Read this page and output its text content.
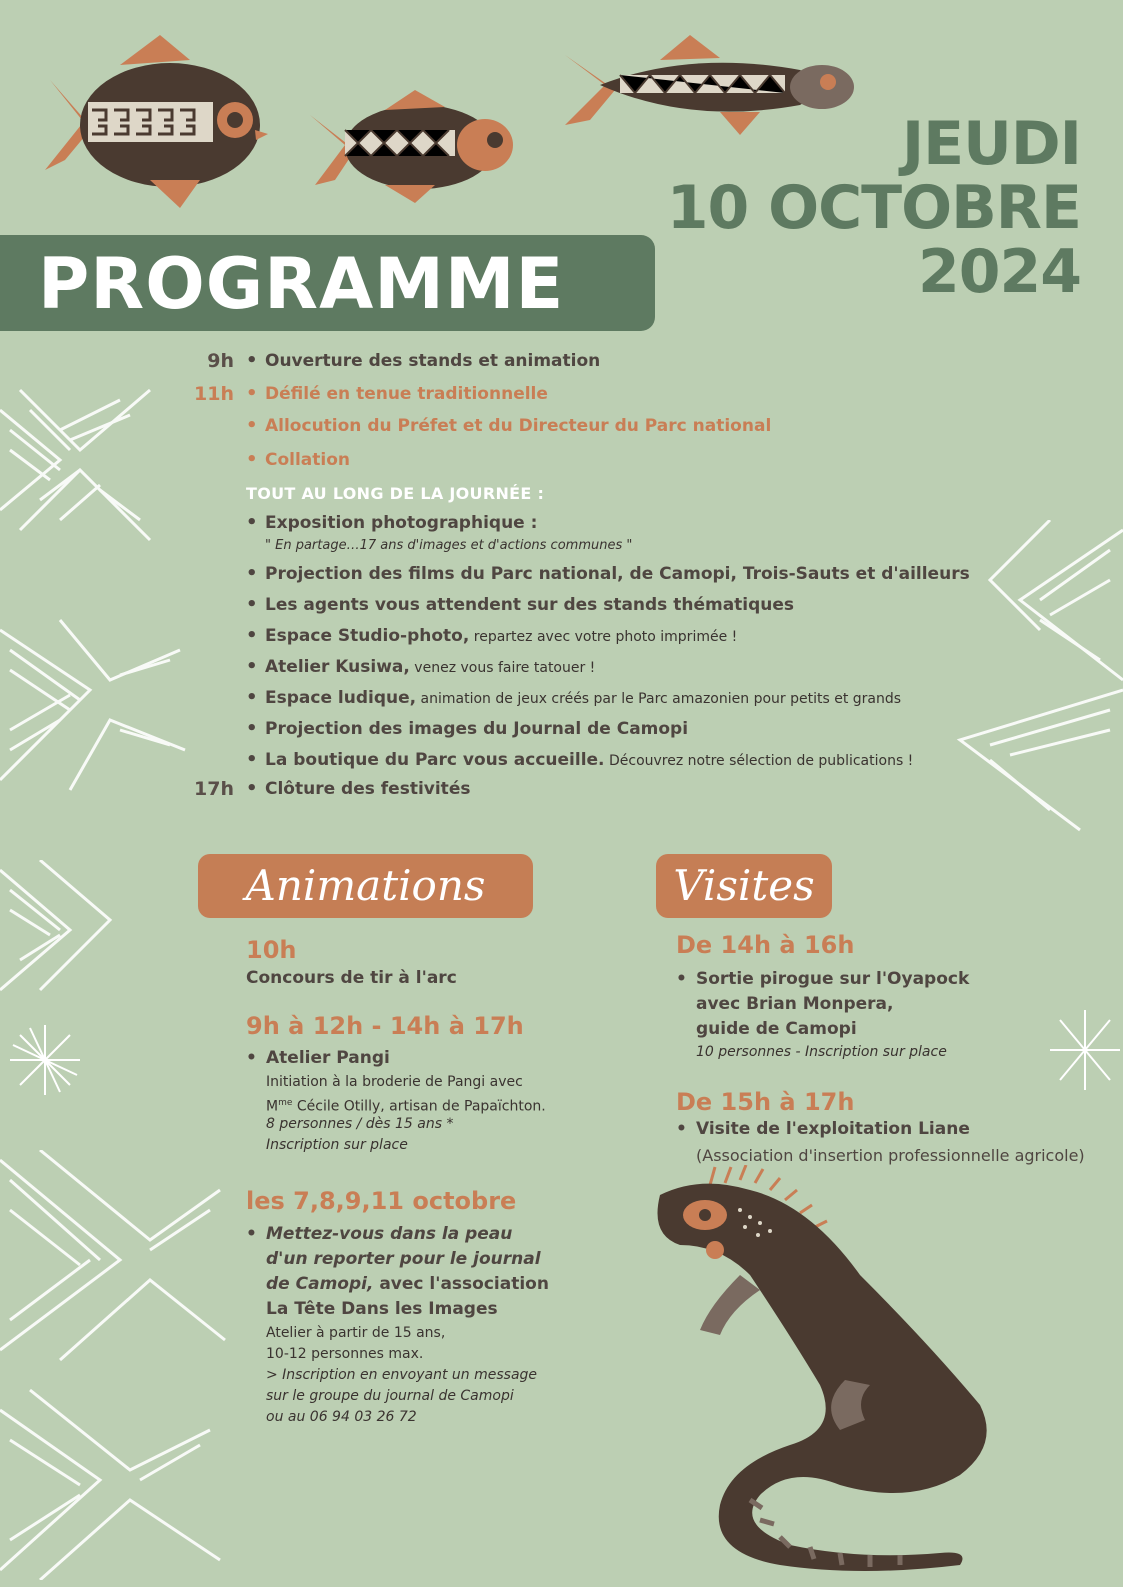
JEUDI
10 OCTOBRE
2024
PROGRAMME
9h • Ouverture des stands et animation
11h • Défilé en tenue traditionnelle
• Allocution du Préfet et du Directeur du Parc national
• Collation
TOUT AU LONG DE LA JOURNÉE :
• Exposition photographique :
" En partage…17 ans d'images et d'actions communes "
• Projection des films du Parc national, de Camopi, Trois-Sauts et d'ailleurs
• Les agents vous attendent sur des stands thématiques
• Espace Studio-photo, repartez avec votre photo imprimée !
• Atelier Kusiwa, venez vous faire tatouer !
• Espace ludique, animation de jeux créés par le Parc amazonien pour petits et grands
• Projection des images du Journal de Camopi
• La boutique du Parc vous accueille. Découvrez notre sélection de publications !
17h • Clôture des festivités
Animations
10h
Concours de tir à l'arc
9h à 12h - 14h à 17h
• Atelier Pangi
Initiation à la broderie de Pangi avec
$M^{me}$ Cécile Otilly, artisan de Papaïchton.
8 personnes / dès 15 ans *
Inscription sur place
les 7,8,9,11 octobre
• Mettez-vous dans la peau
d'un reporter pour le journal
de Camopi, avec l'association
La Tête Dans les Images
Atelier à partir de 15 ans,
10-12 personnes max.
> Inscription en envoyant un message
sur le groupe du journal de Camopi
ou au 06 94 03 26 72
Visites
De 14h à 16h
• Sortie pirogue sur l'Oyapock
avec Brian Monpera,
guide de Camopi
10 personnes - Inscription sur place
De 15h à 17h
• Visite de l'exploitation Liane
(Association d'insertion professionnelle agricole)
